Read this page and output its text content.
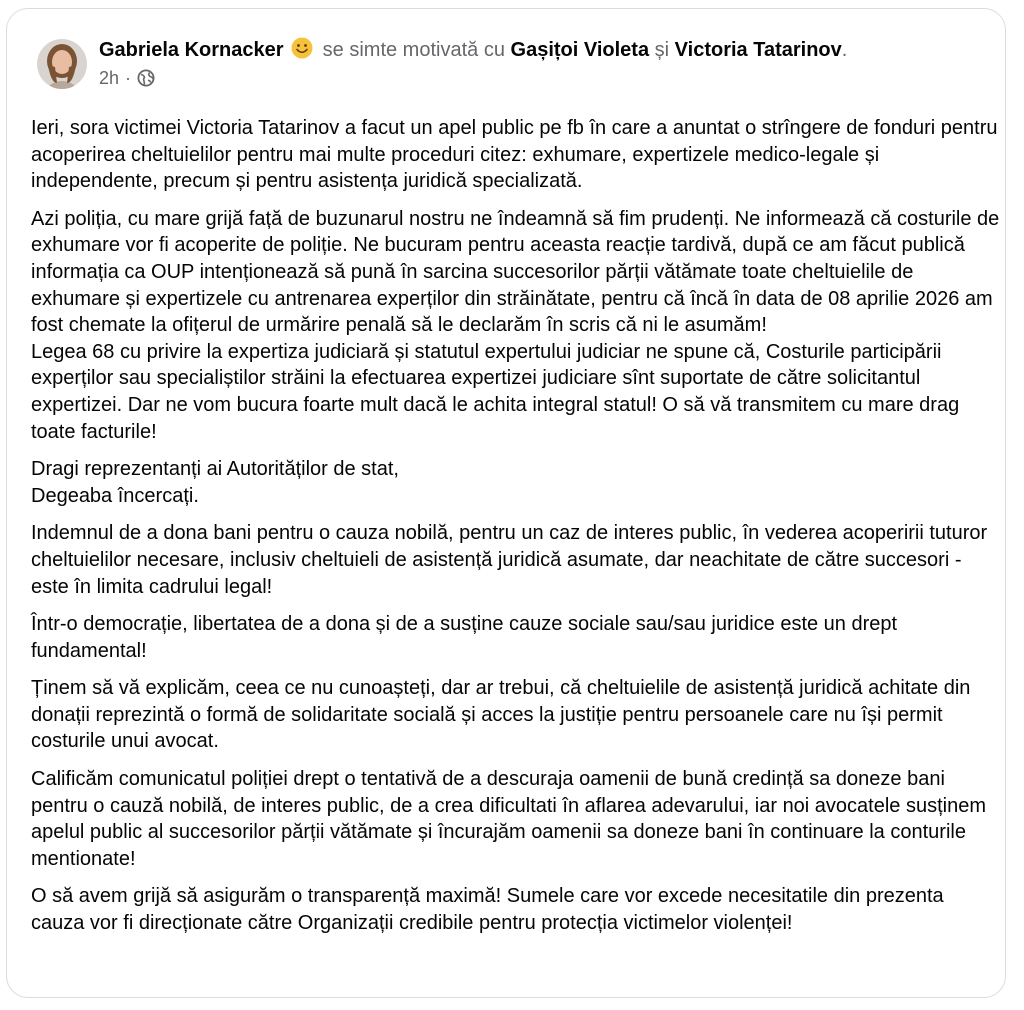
Gabriela Kornacker se simte motivată cu Gașițoi Violeta și Victoria Tatarinov.
2h ·

Ieri, sora victimei Victoria Tatarinov a facut un apel public pe fb în care a anuntat o strîngere de fonduri pentru acoperirea cheltuielilor pentru mai multe proceduri citez: exhumare, expertizele medico-legale și independente, precum și pentru asistența juridică specializată.

Azi poliția, cu mare grijă față de buzunarul nostru ne îndeamnă să fim prudenți. Ne informează că costurile de exhumare vor fi acoperite de poliție. Ne bucuram pentru aceasta reacție tardivă, după ce am făcut publică informația ca OUP intenționează să pună în sarcina succesorilor părții vătămate toate cheltuielile de exhumare și expertizele cu antrenarea experților din străinătate, pentru că încă în data de 08 aprilie 2026 am fost chemate la ofițerul de urmărire penală să le declarăm în scris că ni le asumăm!
Legea 68 cu privire la expertiza judiciară și statutul expertului judiciar ne spune că, Costurile participării experților sau specialiștilor străini la efectuarea expertizei judiciare sînt suportate de către solicitantul expertizei. Dar ne vom bucura foarte mult dacă le achita integral statul! O să vă transmitem cu mare drag toate facturile!

Dragi reprezentanți ai Autorităților de stat,
Degeaba încercați.

Indemnul de a dona bani pentru o cauza nobilă, pentru un caz de interes public, în vederea acoperirii tuturor cheltuielilor necesare, inclusiv cheltuieli de asistență juridică asumate, dar neachitate de către succesori - este în limita cadrului legal!

Într-o democrație, libertatea de a dona și de a susține cauze sociale sau/sau juridice este un drept fundamental!

Ținem să vă explicăm, ceea ce nu cunoașteți, dar ar trebui, că cheltuielile de asistență juridică achitate din donații reprezintă o formă de solidaritate socială și acces la justiție pentru persoanele care nu își permit costurile unui avocat.

Calificăm comunicatul poliției drept o tentativă de a descuraja oamenii de bună credință sa doneze bani pentru o cauză nobilă, de interes public, de a crea dificultati în aflarea adevarului, iar noi avocatele susținem apelul public al succesorilor părții vătămate și încurajăm oamenii sa doneze bani în continuare la conturile mentionate!

O să avem grijă să asigurăm o transparență maximă! Sumele care vor excede necesitatile din prezenta cauza vor fi direcționate către Organizații credibile pentru protecția victimelor violenței!
